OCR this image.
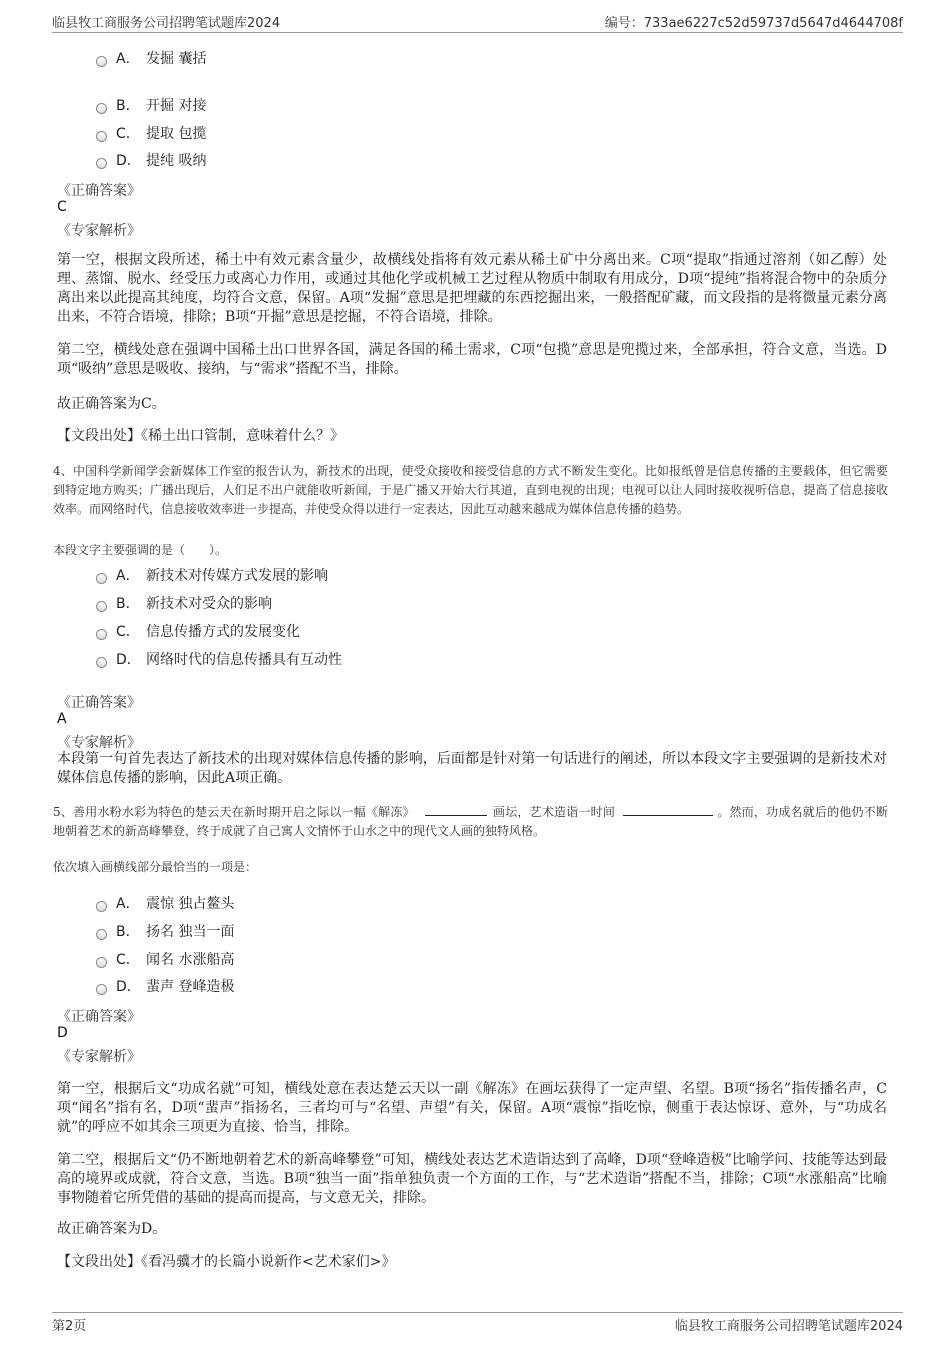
临县牧工商服务公司招聘笔试题库2024	编号：733ae6227c52d59737d5647d4644708f
A． 发掘 囊括
B． 开掘 对接
C． 提取 包揽
D． 提纯 吸纳
《正确答案》
C
《专家解析》
第一空，根据文段所述，稀土中有效元素含量少，故横线处指将有效元素从稀土矿中分离出来。C项“提取”指通过溶剂（如乙醇）处理、蒸馏、脱水、经受压力或离心力作用，或通过其他化学或机械工艺过程从物质中制取有用成分，D项“提纯”指将混合物中的杂质分离出来以此提高其纯度，均符合文意，保留。A项“发掘”意思是把埋藏的东西挖掘出来，一般搭配矿藏，而文段指的是将微量元素分离出来，不符合语境，排除；B项“开掘”意思是挖掘，不符合语境，排除。
第二空，横线处意在强调中国稀土出口世界各国，满足各国的稀土需求，C项“包揽”意思是兜揽过来，全部承担，符合文意，当选。D项“吸纳”意思是吸收、接纳，与“需求”搭配不当，排除。
故正确答案为C。
【文段出处】《稀土出口管制，意味着什么？》
4、中国科学新闻学会新媒体工作室的报告认为，新技术的出现，使受众接收和接受信息的方式不断发生变化。比如报纸曾是信息传播的主要载体，但它需要到特定地方购买；广播出现后，人们足不出户就能收听新闻，于是广播又开始大行其道，直到电视的出现；电视可以让人同时接收视听信息，提高了信息接收效率。而网络时代，信息接收效率进一步提高，并使受众得以进行一定表达，因此互动越来越成为媒体信息传播的趋势。
本段文字主要强调的是（　　）。
A． 新技术对传媒方式发展的影响
B． 新技术对受众的影响
C． 信息传播方式的发展变化
D． 网络时代的信息传播具有互动性
《正确答案》
A
《专家解析》
本段第一句首先表达了新技术的出现对媒体信息传播的影响，后面都是针对第一句话进行的阐述，所以本段文字主要强调的是新技术对媒体信息传播的影响，因此A项正确。
5、善用水粉水彩为特色的楚云天在新时期开启之际以一幅《解冻》	画坛，艺术造诣一时间	。然而，功成名就后的他仍不断地朝着艺术的新高峰攀登，终于成就了自己寓人文情怀于山水之中的现代文人画的独特风格。
依次填入画横线部分最恰当的一项是：
A． 震惊 独占鳌头
B． 扬名 独当一面
C． 闻名 水涨船高
D． 蜚声 登峰造极
《正确答案》
D
《专家解析》
第一空，根据后文“功成名就”可知，横线处意在表达楚云天以一副《解冻》在画坛获得了一定声望、名望。B项“扬名”指传播名声，C项“闻名”指有名，D项“蜚声”指扬名，三者均可与“名望、声望”有关，保留。A项“震惊”指吃惊，侧重于表达惊讶、意外，与“功成名就”的呼应不如其余三项更为直接、恰当，排除。
第二空，根据后文“仍不断地朝着艺术的新高峰攀登”可知，横线处表达艺术造诣达到了高峰，D项“登峰造极”比喻学问、技能等达到最高的境界或成就，符合文意，当选。B项“独当一面”指单独负责一个方面的工作，与“艺术造诣”搭配不当，排除；C项“水涨船高”比喻事物随着它所凭借的基础的提高而提高，与文意无关，排除。
故正确答案为D。
【文段出处】《看冯骥才的长篇小说新作<艺术家们>》
第2页	临县牧工商服务公司招聘笔试题库2024
